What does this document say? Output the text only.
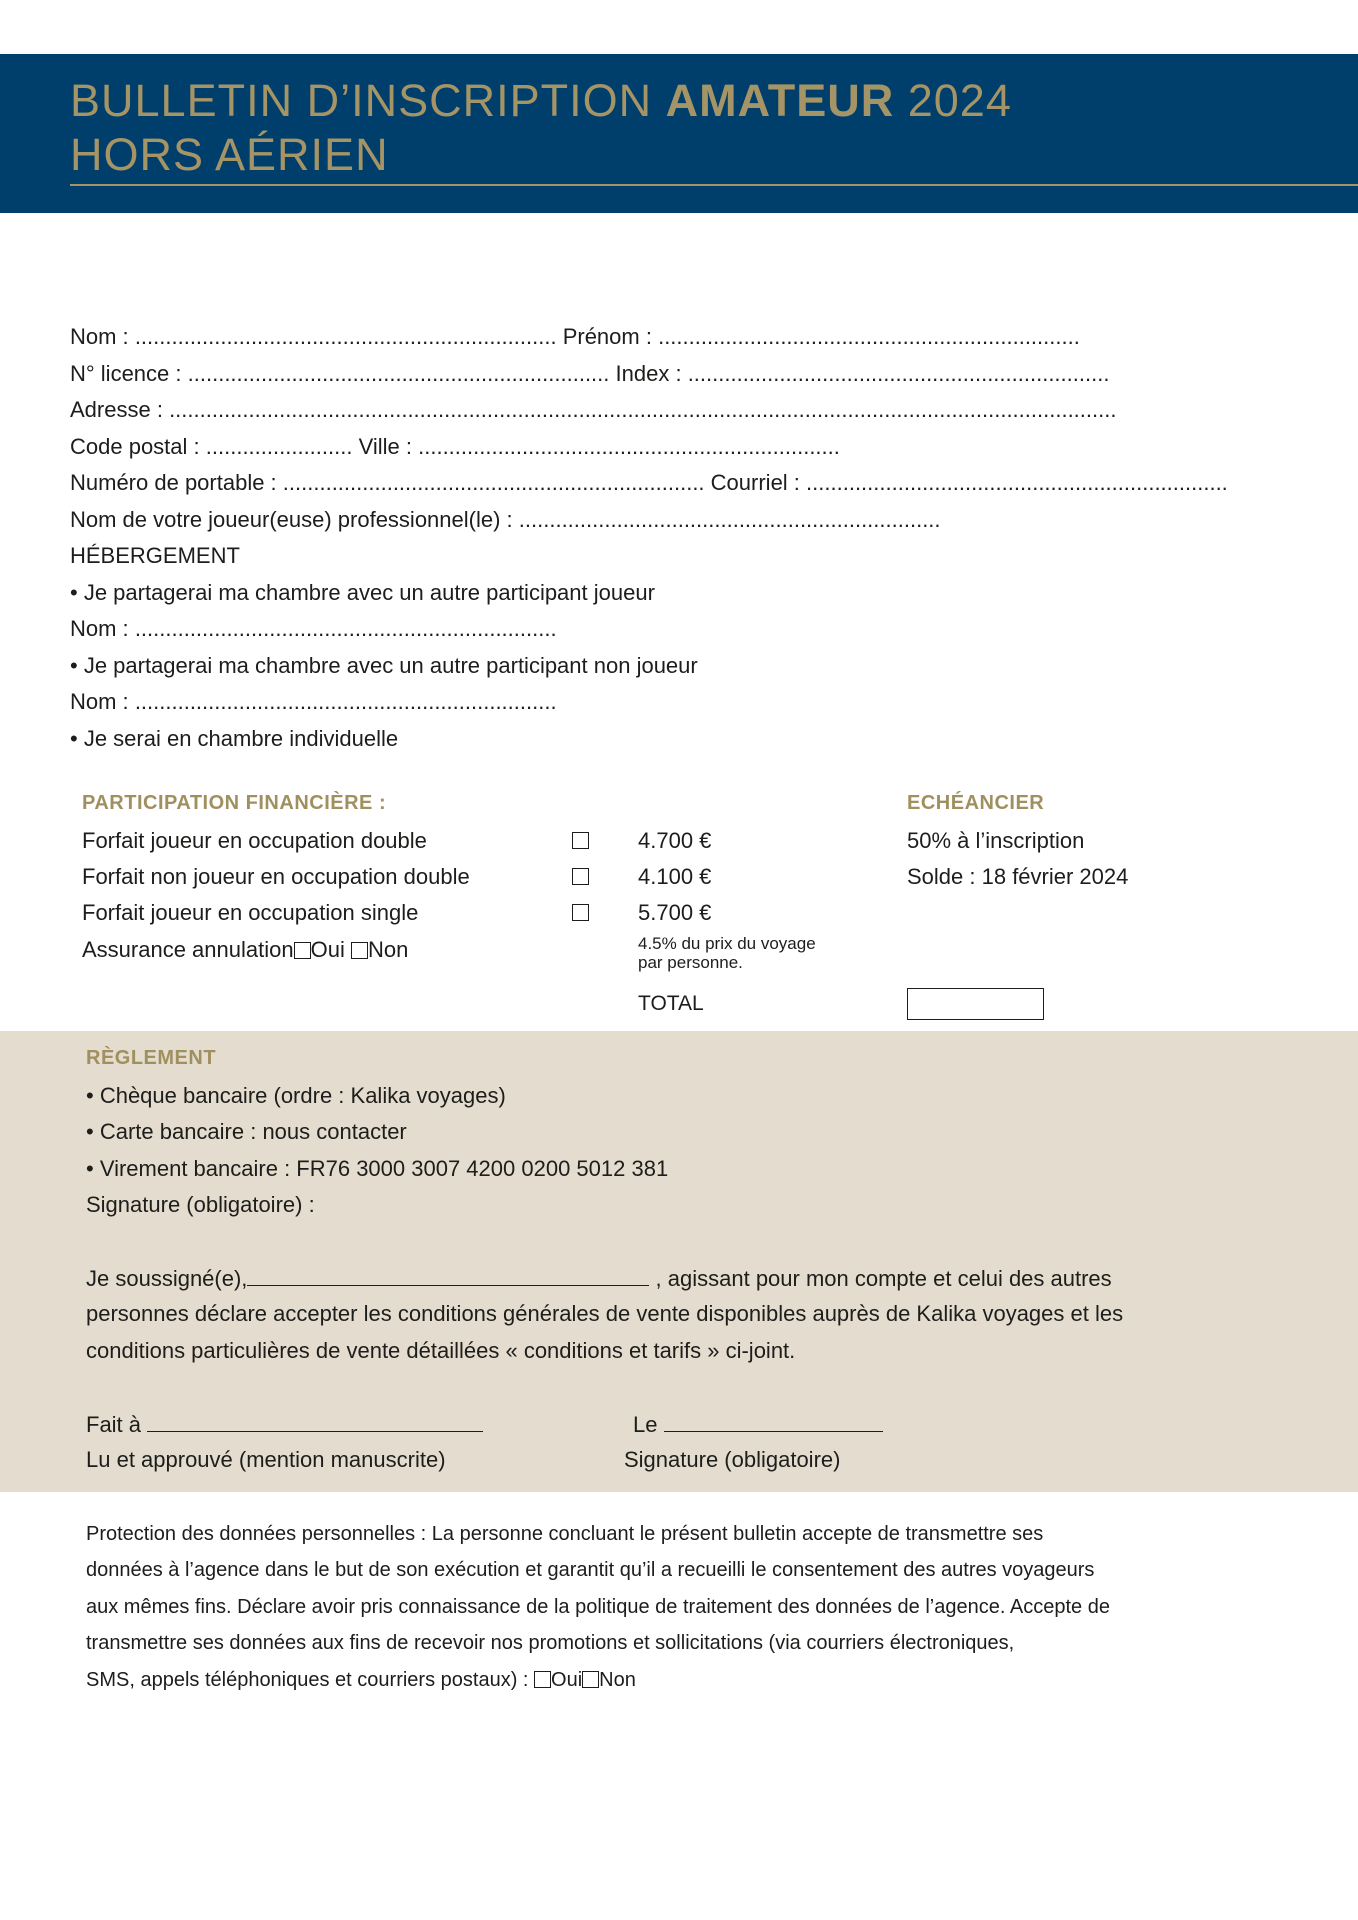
BULLETIN D’INSCRIPTION AMATEUR 2024
HORS AÉRIEN
Nom : ..................................................................... Prénom : .....................................................................
N° licence : ..................................................................... Index : .....................................................................
Adresse : ...........................................................................................................................................................
Code postal : ........................ Ville : .....................................................................
Numéro de portable : ..................................................................... Courriel : .....................................................................
Nom de votre joueur(euse) professionnel(le) : .....................................................................
HÉBERGEMENT
• Je partagerai ma chambre avec un autre participant joueur
Nom : .....................................................................
• Je partagerai ma chambre avec un autre participant non joueur
Nom : .....................................................................
• Je serai en chambre individuelle
PARTICIPATION FINANCIÈRE :	ECHÉANCIER
Forfait joueur en occupation double	4.700 €	50% à l’inscription
Forfait non joueur en occupation double	4.100 €	Solde : 18 février 2024
Forfait joueur en occupation single	5.700 €
Assurance annulation Oui Non	4.5% du prix du voyage
par personne.
TOTAL
RÈGLEMENT
• Chèque bancaire (ordre : Kalika voyages)
• Carte bancaire : nous contacter
• Virement bancaire : FR76 3000 3007 4200 0200 5012 381
Signature (obligatoire) :
Je soussigné(e),	, agissant pour mon compte et celui des autres
personnes déclare accepter les conditions générales de vente disponibles auprès de Kalika voyages et les
conditions particulières de vente détaillées « conditions et tarifs » ci-joint.
Fait à	Le
Lu et approuvé (mention manuscrite)	Signature (obligatoire)
Protection des données personnelles : La personne concluant le présent bulletin accepte de transmettre ses
données à l’agence dans le but de son exécution et garantit qu’il a recueilli le consentement des autres voyageurs
aux mêmes fins. Déclare avoir pris connaissance de la politique de traitement des données de l’agence. Accepte de
transmettre ses données aux fins de recevoir nos promotions et sollicitations (via courriers électroniques,
SMS, appels téléphoniques et courriers postaux) : Oui Non
